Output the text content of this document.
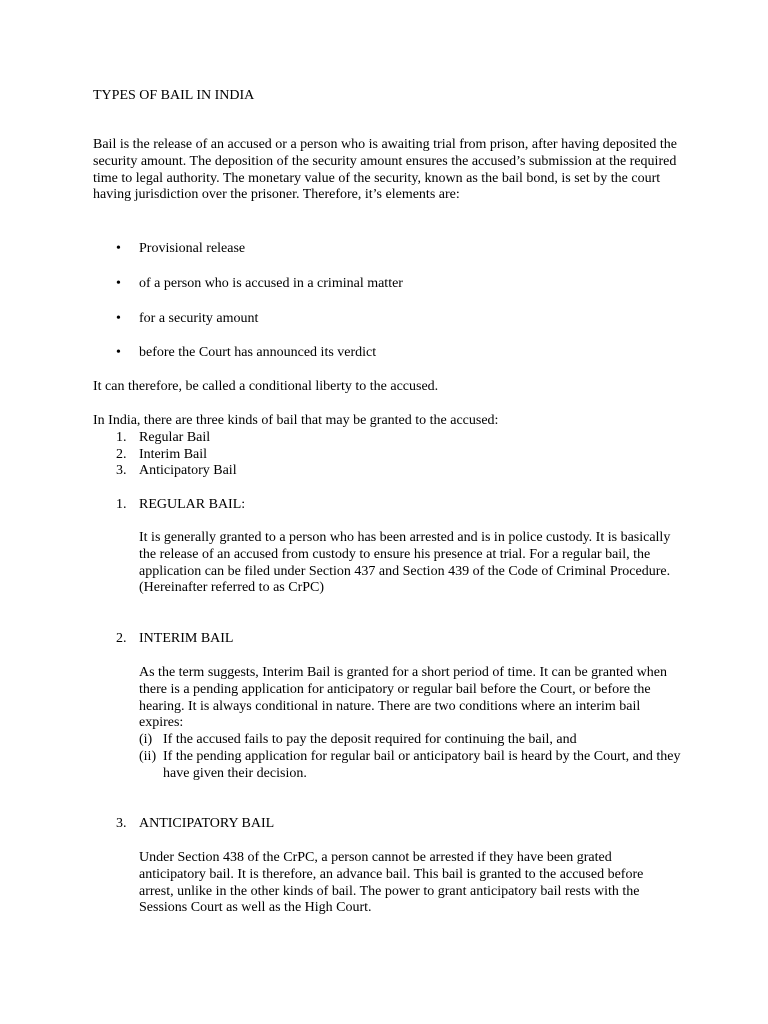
TYPES OF BAIL IN INDIA
Bail is the release of an accused or a person who is awaiting trial from prison, after having deposited the security amount. The deposition of the security amount ensures the accused’s submission at the required time to legal authority. The monetary value of the security, known as the bail bond, is set by the court having jurisdiction over the prisoner. Therefore, it’s elements are:
• Provisional release
• of a person who is accused in a criminal matter
• for a security amount
• before the Court has announced its verdict
It can therefore, be called a conditional liberty to the accused.
In India, there are three kinds of bail that may be granted to the accused:
1. Regular Bail
2. Interim Bail
3. Anticipatory Bail
1. REGULAR BAIL:
It is generally granted to a person who has been arrested and is in police custody. It is basically the release of an accused from custody to ensure his presence at trial. For a regular bail, the application can be filed under Section 437 and Section 439 of the Code of Criminal Procedure. (Hereinafter referred to as CrPC)
2. INTERIM BAIL
As the term suggests, Interim Bail is granted for a short period of time. It can be granted when there is a pending application for anticipatory or regular bail before the Court, or before the hearing. It is always conditional in nature. There are two conditions where an interim bail expires:
(i) If the accused fails to pay the deposit required for continuing the bail, and
(ii) If the pending application for regular bail or anticipatory bail is heard by the Court, and they have given their decision.
3. ANTICIPATORY BAIL
Under Section 438 of the CrPC, a person cannot be arrested if they have been grated anticipatory bail. It is therefore, an advance bail. This bail is granted to the accused before arrest, unlike in the other kinds of bail. The power to grant anticipatory bail rests with the Sessions Court as well as the High Court.
